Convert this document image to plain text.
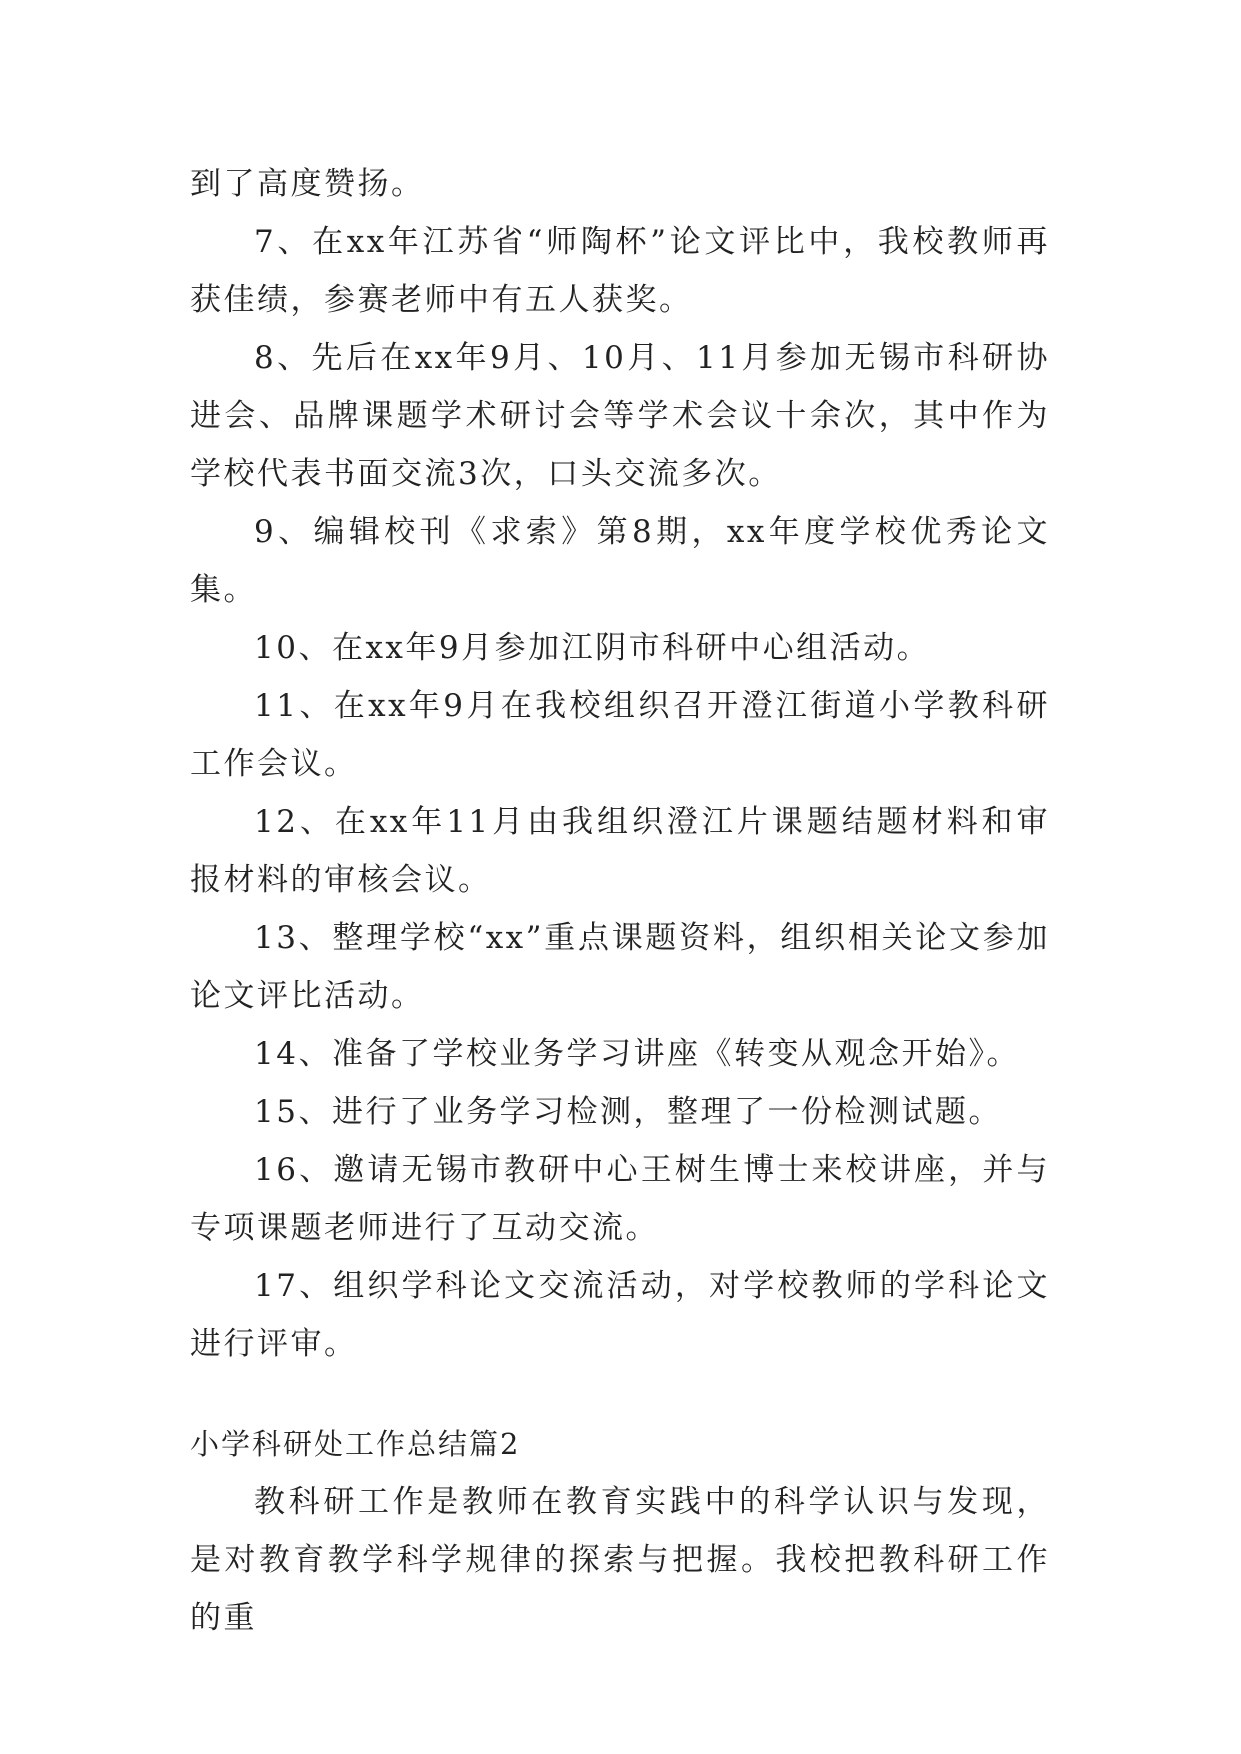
到了高度赞扬。

7、在xx年江苏省“师陶杯”论文评比中，我校教师再获佳绩，参赛老师中有五人获奖。

8、先后在xx年9月、10月、11月参加无锡市科研协进会、品牌课题学术研讨会等学术会议十余次，其中作为学校代表书面交流3次，口头交流多次。

9、编辑校刊《求索》第8期，xx年度学校优秀论文集。

10、在xx年9月参加江阴市科研中心组活动。

11、在xx年9月在我校组织召开澄江街道小学教科研工作会议。

12、在xx年11月由我组织澄江片课题结题材料和审报材料的审核会议。

13、整理学校“xx”重点课题资料，组织相关论文参加论文评比活动。

14、准备了学校业务学习讲座《转变从观念开始》。

15、进行了业务学习检测，整理了一份检测试题。

16、邀请无锡市教研中心王树生博士来校讲座，并与专项课题老师进行了互动交流。

17、组织学科论文交流活动，对学校教师的学科论文进行评审。

小学科研处工作总结篇2

教科研工作是教师在教育实践中的科学认识与发现，是对教育教学科学规律的探索与把握。我校把教科研工作的重
